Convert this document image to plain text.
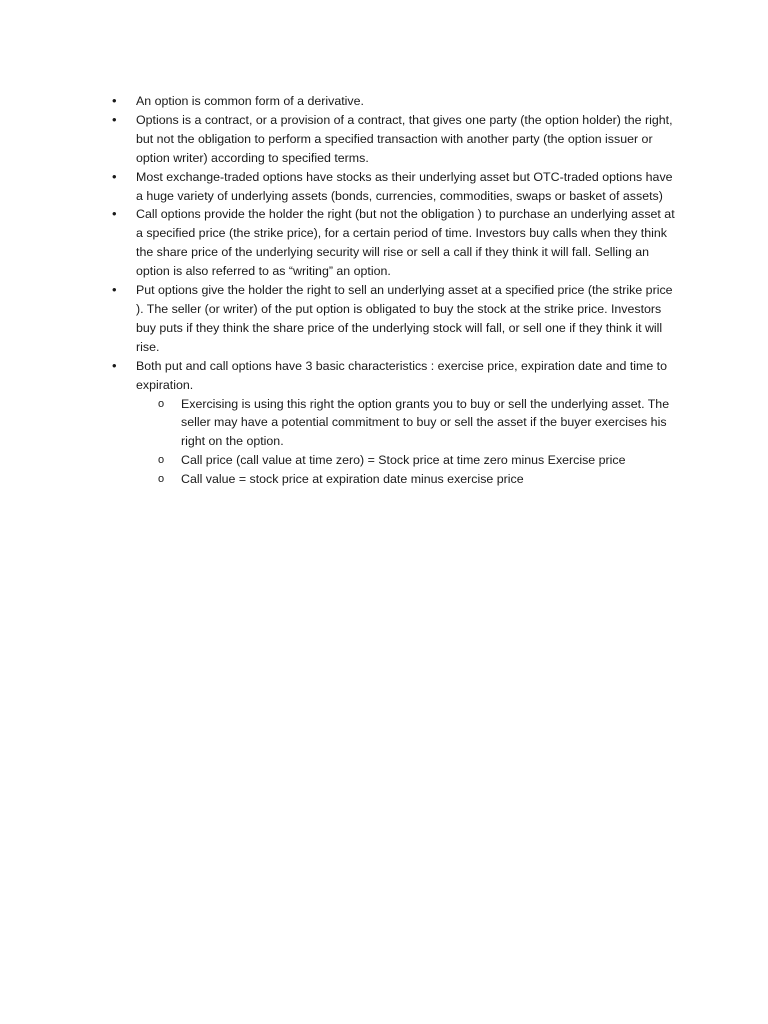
• An option is common form of a derivative.
• Options is a contract, or a provision of a contract, that gives one party (the option holder) the right, but not the obligation to perform a specified transaction with another party (the option issuer or option writer) according to specified terms.
• Most exchange-traded options have stocks as their underlying asset but OTC-traded options have a huge variety of underlying assets (bonds, currencies, commodities, swaps or basket of assets)
• Call options provide the holder the right (but not the obligation ) to purchase an underlying asset at a specified price (the strike price), for a certain period of time. Investors buy calls when they think the share price of the underlying security will rise or sell a call if they think it will fall. Selling an option is also referred to as “writing” an option.
• Put options give the holder the right to sell an underlying asset at a specified price (the strike price ). The seller (or writer) of the put option is obligated to buy the stock at the strike price. Investors buy puts if they think the share price of the underlying stock will fall, or sell one if they think it will rise.
• Both put and call options have 3 basic characteristics : exercise price, expiration date and time to expiration.
o Exercising is using this right the option grants you to buy or sell the underlying asset. The seller may have a potential commitment to buy or sell the asset if the buyer exercises his right on the option.
o Call price (call value at time zero) = Stock price at time zero minus Exercise price
o Call value = stock price at expiration date minus exercise price
